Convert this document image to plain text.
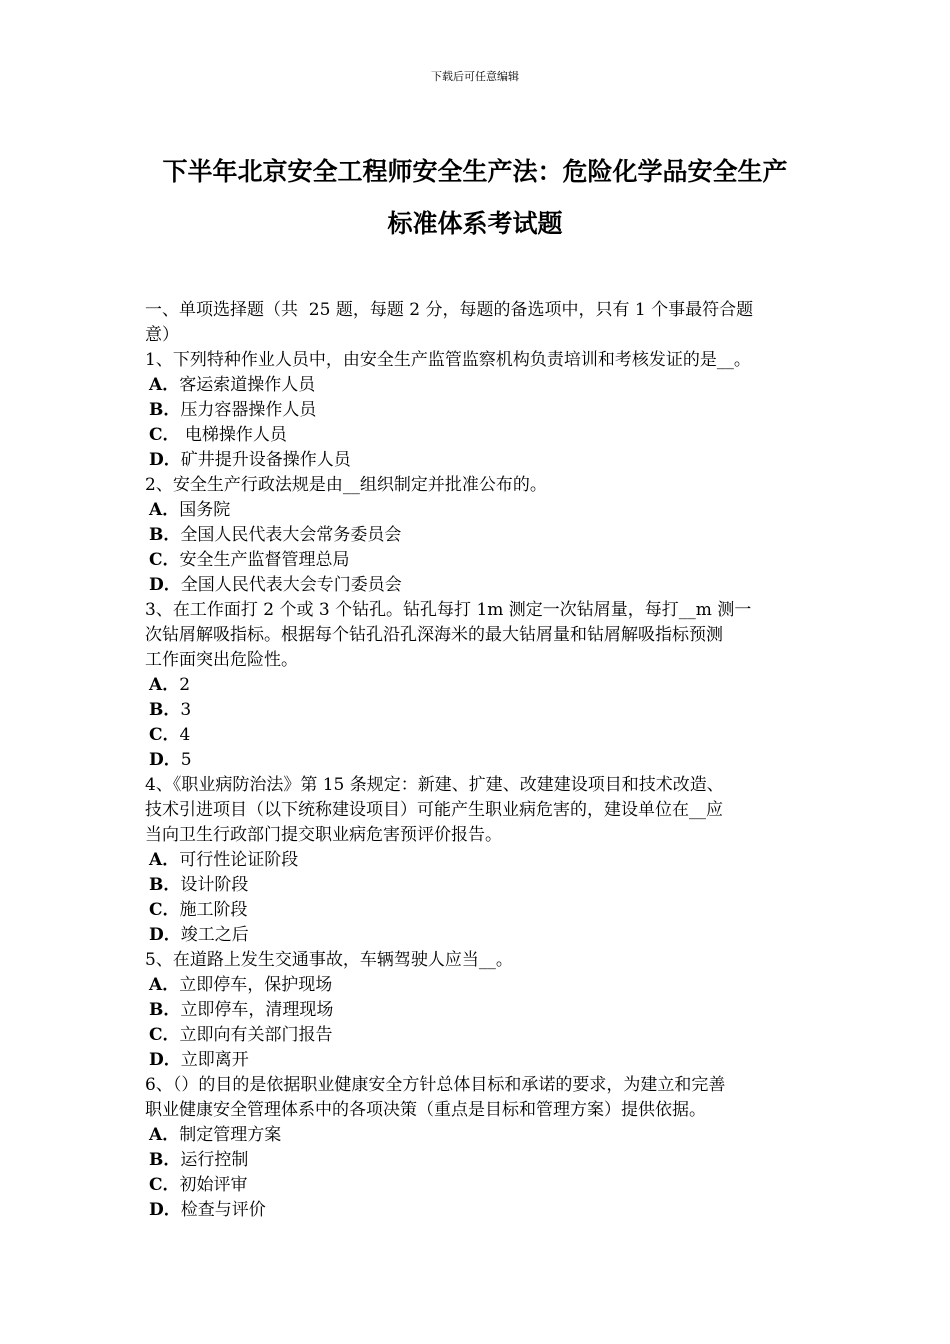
下载后可任意编辑
下半年北京安全工程师安全生产法：危险化学品安全生产
标准体系考试题
一、单项选择题（共  25 题，每题 2 分，每题的备选项中，只有 1 个事最符合题
意）
1、下列特种作业人员中，由安全生产监管监察机构负责培训和考核发证的是__。
A．客运索道操作人员
B．压力容器操作人员
C． 电梯操作人员
D．矿井提升设备操作人员
2、安全生产行政法规是由__组织制定并批准公布的。
A．国务院
B．全国人民代表大会常务委员会
C．安全生产监督管理总局
D．全国人民代表大会专门委员会
3、在工作面打 2 个或 3 个钻孔。钻孔每打 1m 测定一次钻屑量，每打__m 测一
次钻屑解吸指标。根据每个钻孔沿孔深海米的最大钻屑量和钻屑解吸指标预测
工作面突出危险性。
A．2
B．3
C．4
D．5
4、《职业病防治法》第 15 条规定：新建、扩建、改建建设项目和技术改造、
技术引进项目（以下统称建设项目）可能产生职业病危害的，建设单位在__应
当向卫生行政部门提交职业病危害预评价报告。
A．可行性论证阶段
B．设计阶段
C．施工阶段
D．竣工之后
5、在道路上发生交通事故，车辆驾驶人应当__。
A．立即停车，保护现场
B．立即停车，清理现场
C．立即向有关部门报告
D．立即离开
6、（）的目的是依据职业健康安全方针总体目标和承诺的要求，为建立和完善
职业健康安全管理体系中的各项决策（重点是目标和管理方案）提供依据。
A．制定管理方案
B．运行控制
C．初始评审
D．检查与评价
